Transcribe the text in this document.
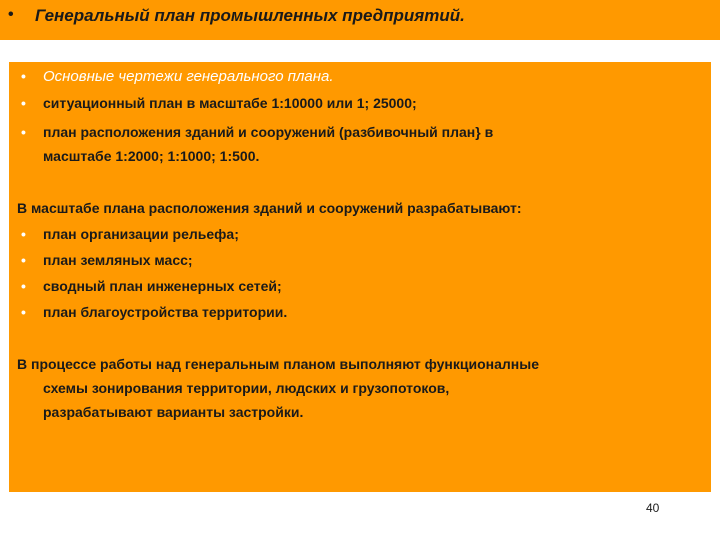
• Генеральный план промышленных предприятий.
• Основные чертежи генерального плана.
• ситуационный план в масштабе 1:10000 или 1; 25000;
• план расположения зданий и сооружений (разбивочный план} в
масштабе 1:2000; 1:1000; 1:500.
В масштабе плана расположения зданий и сооружений разрабатывают:
• план организации рельефа;
• план земляных масс;
• сводный план инженерных сетей;
• план благоустройства территории.
В процессе работы над генеральным планом выполняют функционалные
схемы зонирования территории, людских и грузопотоков,
разрабатывают варианты застройки.
40
